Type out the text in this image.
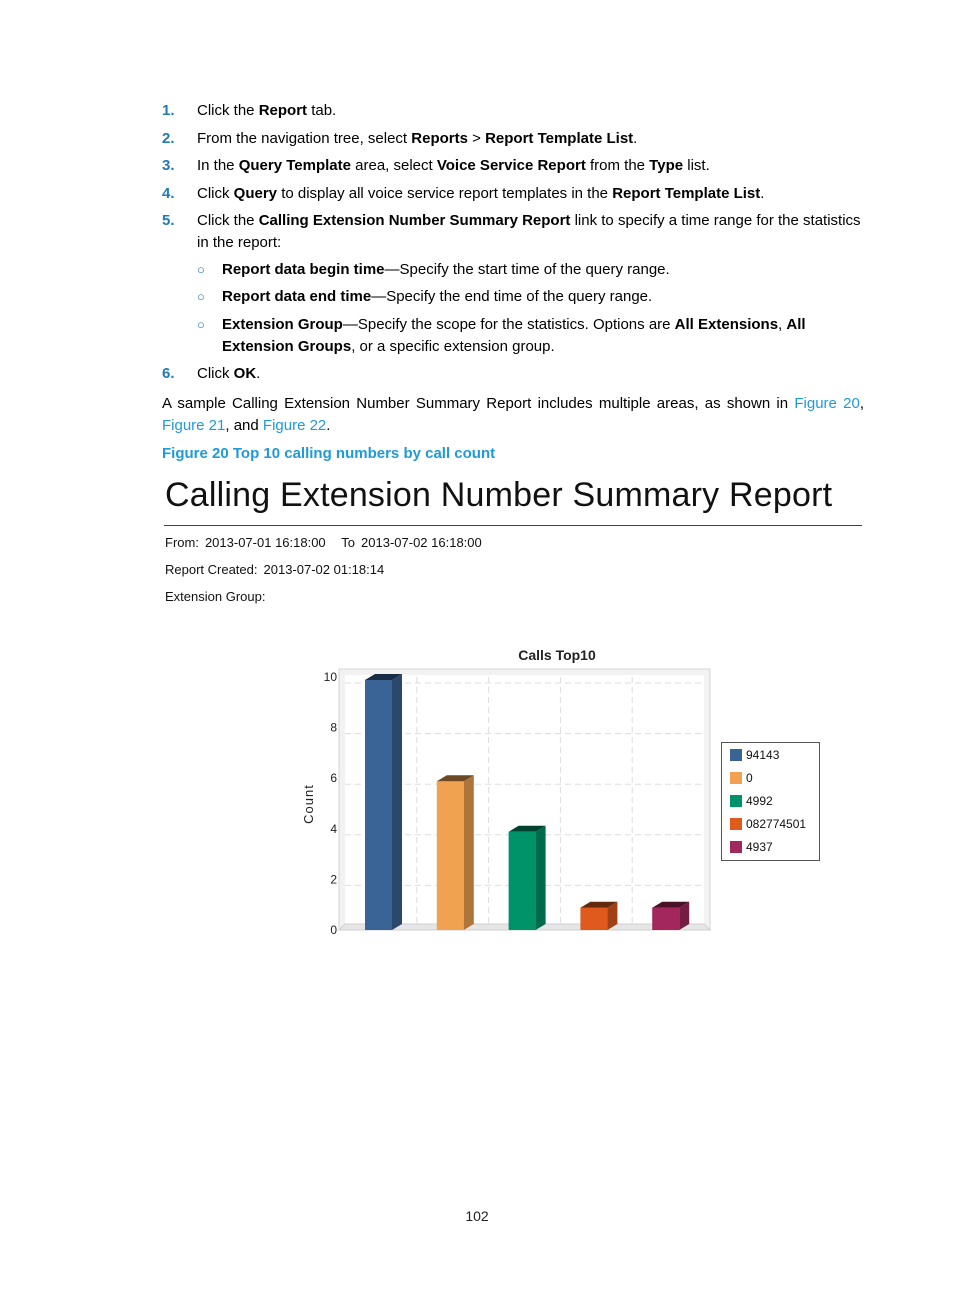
1. Click the Report tab.
2. From the navigation tree, select Reports > Report Template List.
3. In the Query Template area, select Voice Service Report from the Type list.
4. Click Query to display all voice service report templates in the Report Template List.
5. Click the Calling Extension Number Summary Report link to specify a time range for the statistics in the report:
6. Click OK.
○ Report data begin time—Specify the start time of the query range.
○ Report data end time—Specify the end time of the query range.
○ Extension Group—Specify the scope for the statistics. Options are All Extensions, All Extension Groups, or a specific extension group.
A sample Calling Extension Number Summary Report includes multiple areas, as shown in Figure 20, Figure 21, and Figure 22.
Figure 20 Top 10 calling numbers by call count
Calling Extension Number Summary Report
From: 2013-07-01 16:18:00 To 2013-07-02 16:18:00
Report Created: 2013-07-02 01:18:14
Extension Group:
0
2
4
6
8
10
Calls Top10
Count
94143
0
4992
082774501
4937
102
